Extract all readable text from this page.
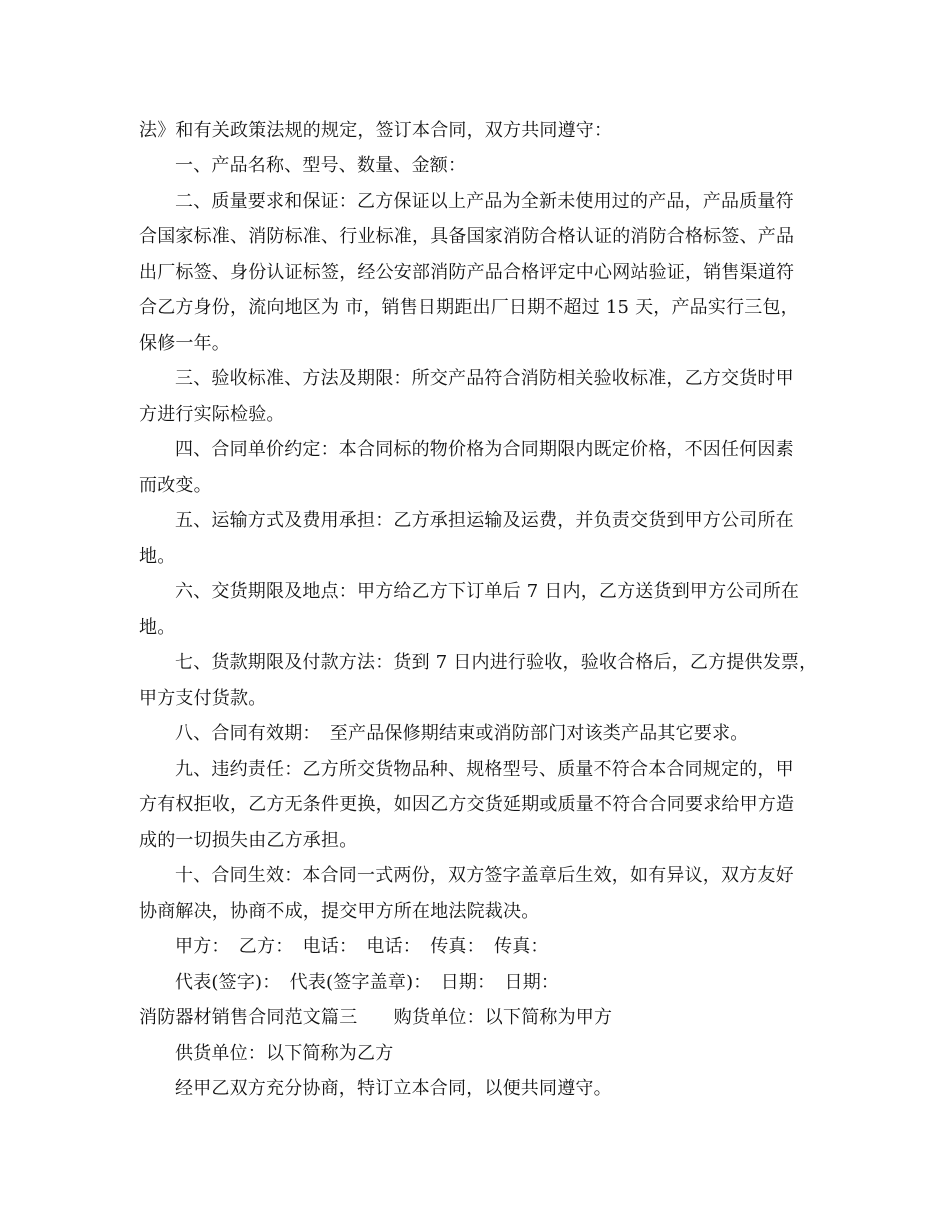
法》和有关政策法规的规定，签订本合同，双方共同遵守：
一、产品名称、型号、数量、金额：
二、质量要求和保证：乙方保证以上产品为全新未使用过的产品，产品质量符
合国家标准、消防标准、行业标准，具备国家消防合格认证的消防合格标签、产品
出厂标签、身份认证标签，经公安部消防产品合格评定中心网站验证，销售渠道符
合乙方身份，流向地区为 市，销售日期距出厂日期不超过 15 天，产品实行三包，
保修一年。
三、验收标准、方法及期限：所交产品符合消防相关验收标准，乙方交货时甲
方进行实际检验。
四、合同单价约定：本合同标的物价格为合同期限内既定价格，不因任何因素
而改变。
五、运输方式及费用承担：乙方承担运输及运费，并负责交货到甲方公司所在
地。
六、交货期限及地点：甲方给乙方下订单后 7 日内，乙方送货到甲方公司所在
地。
七、货款期限及付款方法：货到 7 日内进行验收，验收合格后，乙方提供发票，
甲方支付货款。
八、合同有效期：　至产品保修期结束或消防部门对该类产品其它要求。
九、违约责任：乙方所交货物品种、规格型号、质量不符合本合同规定的，甲
方有权拒收，乙方无条件更换，如因乙方交货延期或质量不符合合同要求给甲方造
成的一切损失由乙方承担。
十、合同生效：本合同一式两份，双方签字盖章后生效，如有异议，双方友好
协商解决，协商不成，提交甲方所在地法院裁决。
甲方：　乙方：　电话：　电话：　传真：　传真：
代表(签字)：　代表(签字盖章)：　日期：　日期：
消防器材销售合同范文篇三　　购货单位：以下简称为甲方
供货单位：以下简称为乙方
经甲乙双方充分协商，特订立本合同，以便共同遵守。
